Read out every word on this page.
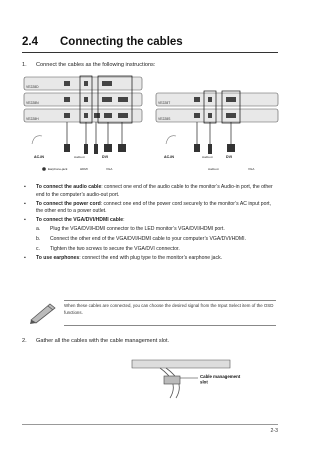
2.4 Connecting the cables
1. Connect the cables as the following instructions:
VE228D
VE228N
VE228H
AC-IN	Audio-in	DVI
Earphone-jack	HDMI	VGA
VE228T
VE228S
AC-IN	Audio-in	DVI
Audio-in	VGA
▪ To connect the audio cable: connect one end of the audio cable to the monitor’s Audio-in port, the other end to the computer’s audio-out port.
▪ To connect the power cord: connect one end of the power cord securely to the monitor’s AC input port, the other end to a power outlet.
▪ To connect the VGA/DVI/HDMI cable:
a. Plug the VGA/DVI/HDMI connector to the LED monitor’s VGA/DVI/HDMI port.
b. Connect the other end of the VGA/DVI/HDMI cable to your computer’s VGA/DVI/HDMI.
c. Tighten the two screws to secure the VGA/DVI connector.
▪ To use earphones: connect the end with plug type to the monitor’s earphone jack.
When these cables are connected, you can choose the desired signal from the Input Select item of the OSD functions.
2. Gather all the cables with the cable management slot.
Cable management slot
2-3
